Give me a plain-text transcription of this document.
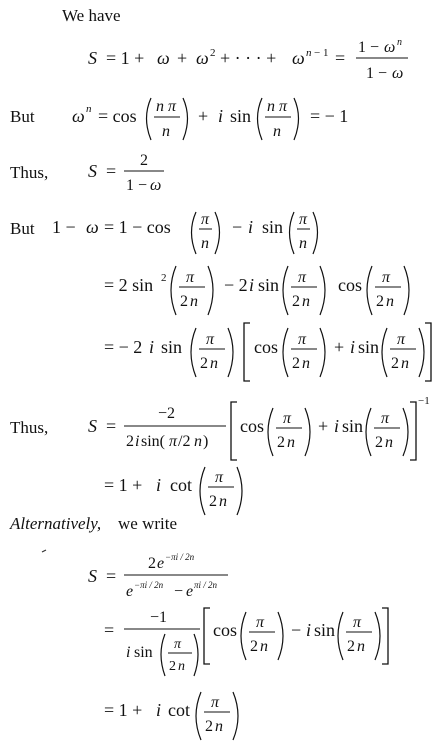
We have
But
Thus,
But
Thus,
Alternatively, we write
S = 1 + ω + ω 2 + · · · + ω n − 1 =
1 − ω n
1 − ω
ω n = cos n π
n
+ i sin n π
n
= − 1
S =
2
1 − ω
1 − ω = 1 − cos π
n
− i sin π
n
= 2 sin 2 π
2 n
− 2 i sin π
2 n
cos π
2 n
= − 2 i sin π
2 n
cos π
2 n
+ i sin π
2 n
S =
−2
2 i sin( π /2 n )
cos π
2 n
+ i sin π
2 n
−1
= 1 + i cot π
2 n
S =
2 e −πi / 2n
e −πi / 2n − e πi / 2n
=
−1
i sin π
2 n
cos π
2 n
− i sin π
2 n
= 1 + i cot π
2 n
